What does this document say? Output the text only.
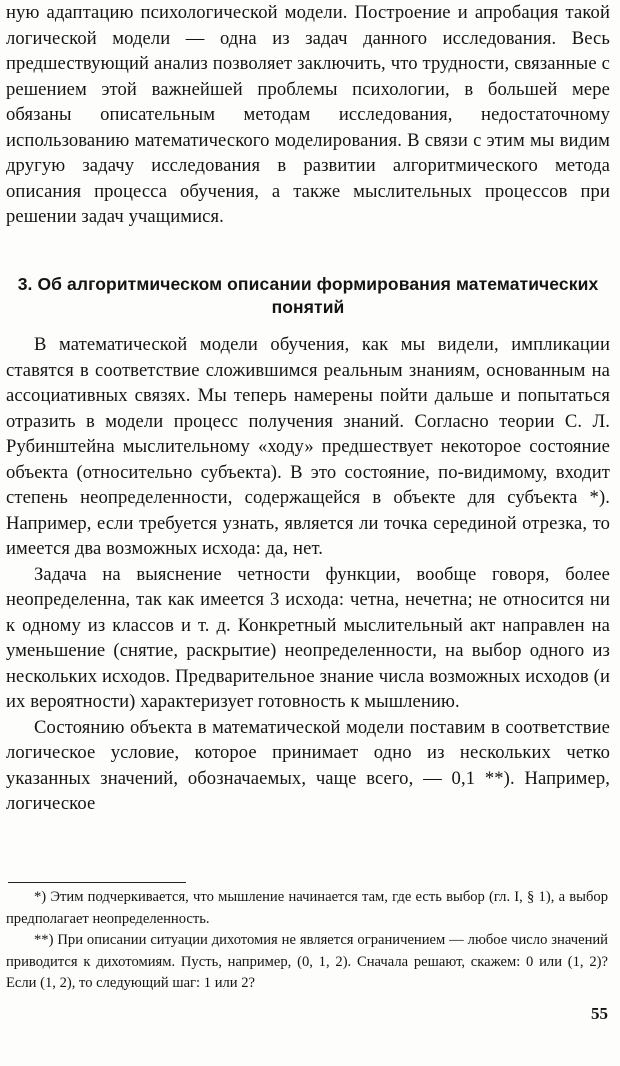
ную адаптацию психологической модели. Построение и апробация такой логической модели — одна из задач данного исследования. Весь предшествующий анализ позволяет заключить, что трудности, связанные с решением этой важнейшей проблемы психологии, в большей мере обязаны описательным методам исследования, недостаточному использованию математического моделирования. В связи с этим мы видим другую задачу исследования в развитии алгоритмического метода описания процесса обучения, а также мыслительных процессов при решении задач учащимися.

3. Об алгоритмическом описании формирования математических понятий

В математической модели обучения, как мы видели, импликации ставятся в соответствие сложившимся реальным знаниям, основанным на ассоциативных связях. Мы теперь намерены пойти дальше и попытаться отразить в модели процесс получения знаний. Согласно теории С. Л. Рубинштейна мыслительному «ходу» предшествует некоторое состояние объекта (относительно субъекта). В это состояние, по-видимому, входит степень неопределенности, содержащейся в объекте для субъекта *). Например, если требуется узнать, является ли точка серединой отрезка, то имеется два возможных исхода: да, нет.

Задача на выяснение четности функции, вообще говоря, более неопределенна, так как имеется 3 исхода: четна, нечетна; не относится ни к одному из классов и т. д. Конкретный мыслительный акт направлен на уменьшение (снятие, раскрытие) неопределенности, на выбор одного из нескольких исходов. Предварительное знание числа возможных исходов (и их вероятности) характеризует готовность к мышлению.

Состоянию объекта в математической модели поставим в соответствие логическое условие, которое принимает одно из нескольких четко указанных значений, обозначаемых, чаще всего, — 0,1 **). Например, логическое

*) Этим подчеркивается, что мышление начинается там, где есть выбор (гл. I, § 1), а выбор предполагает неопределенность.

**) При описании ситуации дихотомия не является ограничением — любое число значений приводится к дихотомиям. Пусть, например, (0, 1, 2). Сначала решают, скажем: 0 или (1, 2)? Если (1, 2), то следующий шаг: 1 или 2?

55
